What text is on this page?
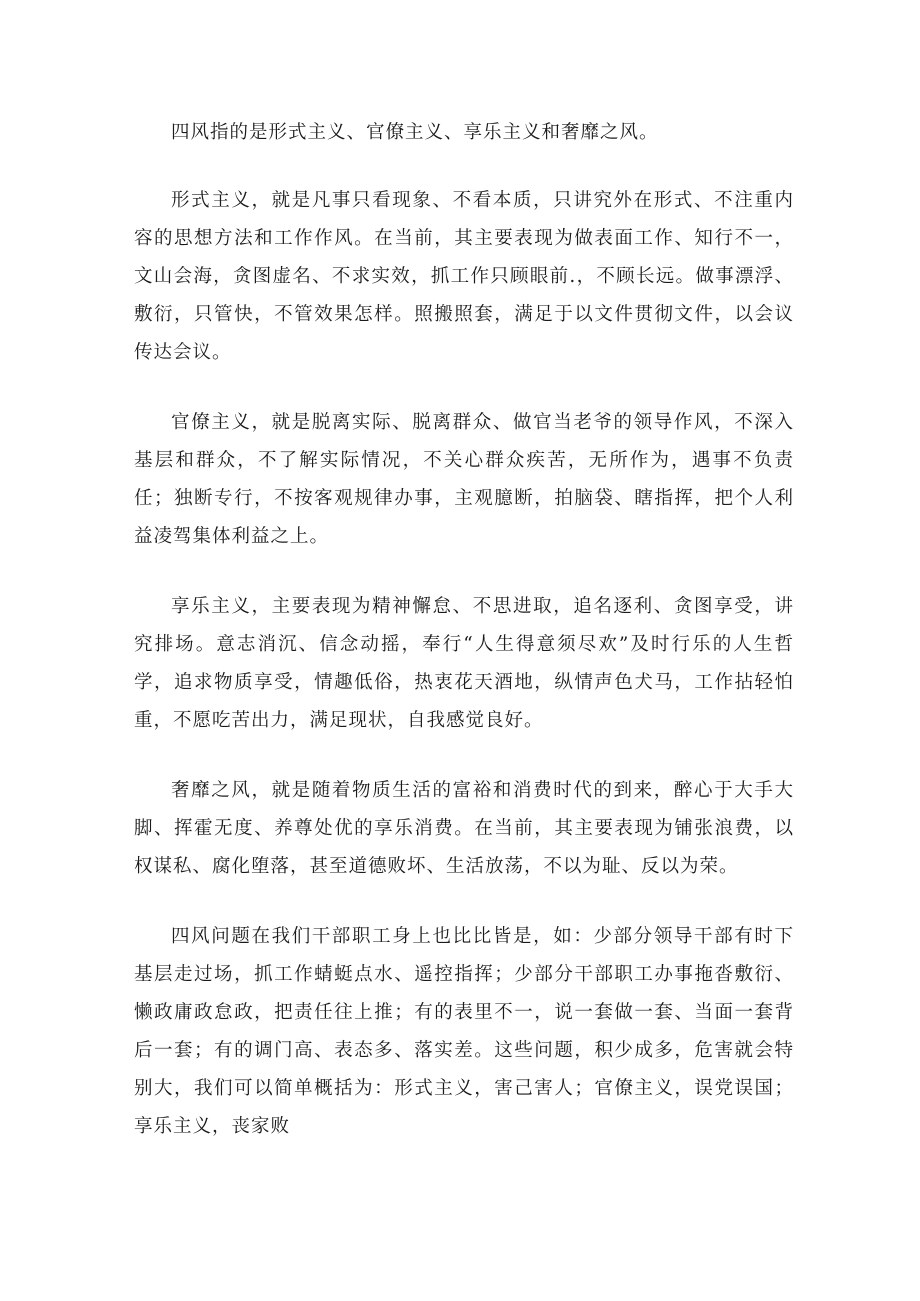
四风指的是形式主义、官僚主义、享乐主义和奢靡之风。

形式主义，就是凡事只看现象、不看本质，只讲究外在形式、不注重内容的思想方法和工作作风。在当前，其主要表现为做表面工作、知行不一，文山会海，贪图虚名、不求实效，抓工作只顾眼前.，不顾长远。做事漂浮、敷衍，只管快，不管效果怎样。照搬照套，满足于以文件贯彻文件，以会议传达会议。

官僚主义，就是脱离实际、脱离群众、做官当老爷的领导作风，不深入基层和群众，不了解实际情况，不关心群众疾苦，无所作为，遇事不负责任；独断专行，不按客观规律办事，主观臆断，拍脑袋、瞎指挥，把个人利益凌驾集体利益之上。

享乐主义，主要表现为精神懈怠、不思进取，追名逐利、贪图享受，讲究排场。意志消沉、信念动摇，奉行“人生得意须尽欢”及时行乐的人生哲学，追求物质享受，情趣低俗，热衷花天酒地，纵情声色犬马，工作拈轻怕重，不愿吃苦出力，满足现状，自我感觉良好。

奢靡之风，就是随着物质生活的富裕和消费时代的到来，醉心于大手大脚、挥霍无度、养尊处优的享乐消费。在当前，其主要表现为铺张浪费，以权谋私、腐化堕落，甚至道德败坏、生活放荡，不以为耻、反以为荣。

四风问题在我们干部职工身上也比比皆是，如：少部分领导干部有时下基层走过场，抓工作蜻蜓点水、遥控指挥；少部分干部职工办事拖沓敷衍、懒政庸政怠政，把责任往上推；有的表里不一，说一套做一套、当面一套背后一套；有的调门高、表态多、落实差。这些问题，积少成多，危害就会特别大，我们可以简单概括为：形式主义，害己害人；官僚主义，误党误国；享乐主义，丧家败
